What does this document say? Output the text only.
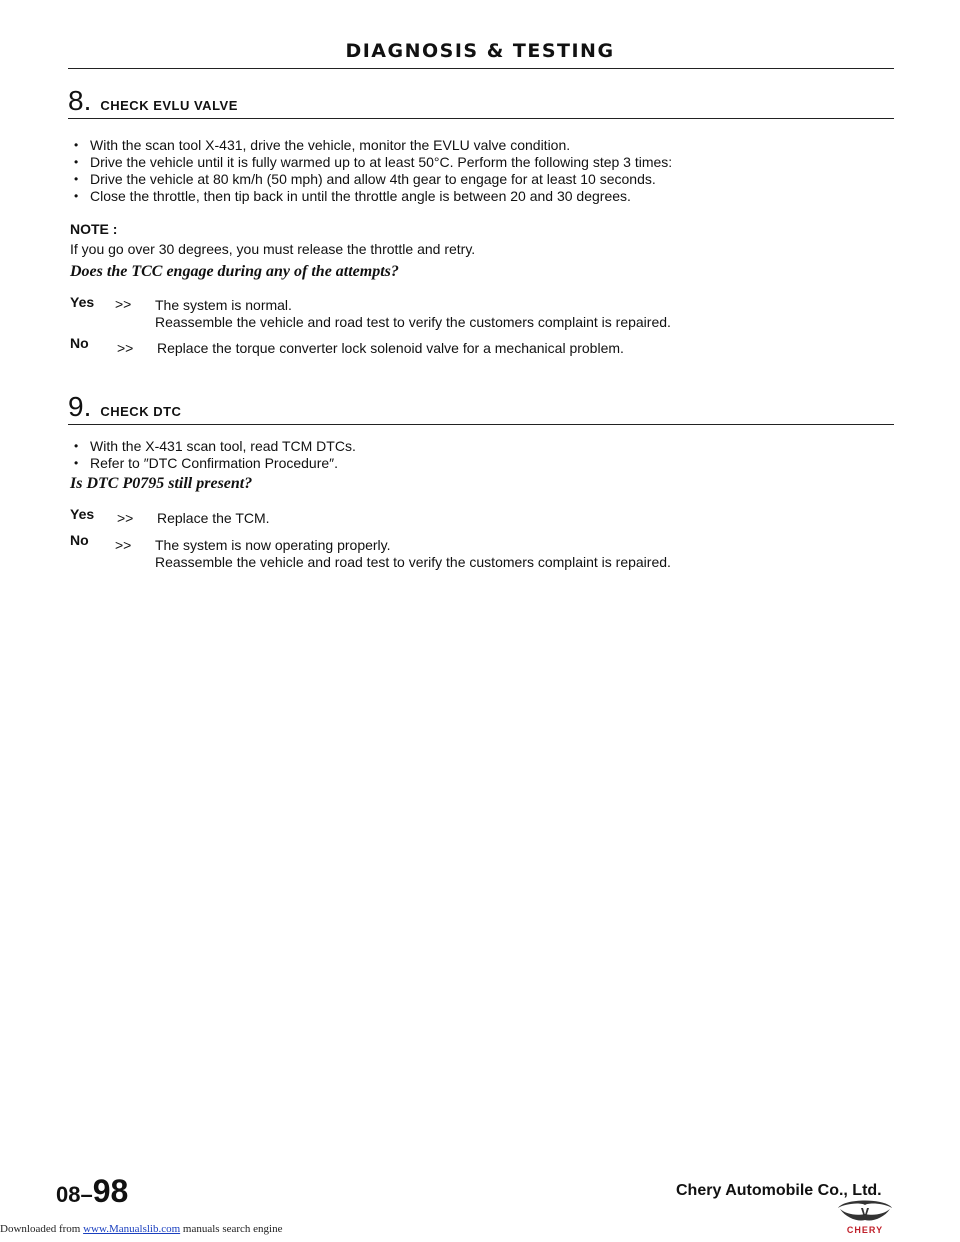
DIAGNOSIS & TESTING
8. CHECK EVLU VALVE
• With the scan tool X-431, drive the vehicle, monitor the EVLU valve condition.
• Drive the vehicle until it is fully warmed up to at least 50°C. Perform the following step 3 times:
• Drive the vehicle at 80 km/h (50 mph) and allow 4th gear to engage for at least 10 seconds.
• Close the throttle, then tip back in until the throttle angle is between 20 and 30 degrees.
NOTE :
If you go over 30 degrees, you must release the throttle and retry.
Does the TCC engage during any of the attempts?
Yes >> The system is normal.
Reassemble the vehicle and road test to verify the customers complaint is repaired.
No >> Replace the torque converter lock solenoid valve for a mechanical problem.
9. CHECK DTC
• With the X-431 scan tool, read TCM DTCs.
• Refer to ″DTC Confirmation Procedure″.
Is DTC P0795 still present?
Yes >> Replace the TCM.
No >> The system is now operating properly.
Reassemble the vehicle and road test to verify the customers complaint is repaired.
08–98	Chery Automobile Co., Ltd.
CHERY
Downloaded from www.Manualslib.com manuals search engine
